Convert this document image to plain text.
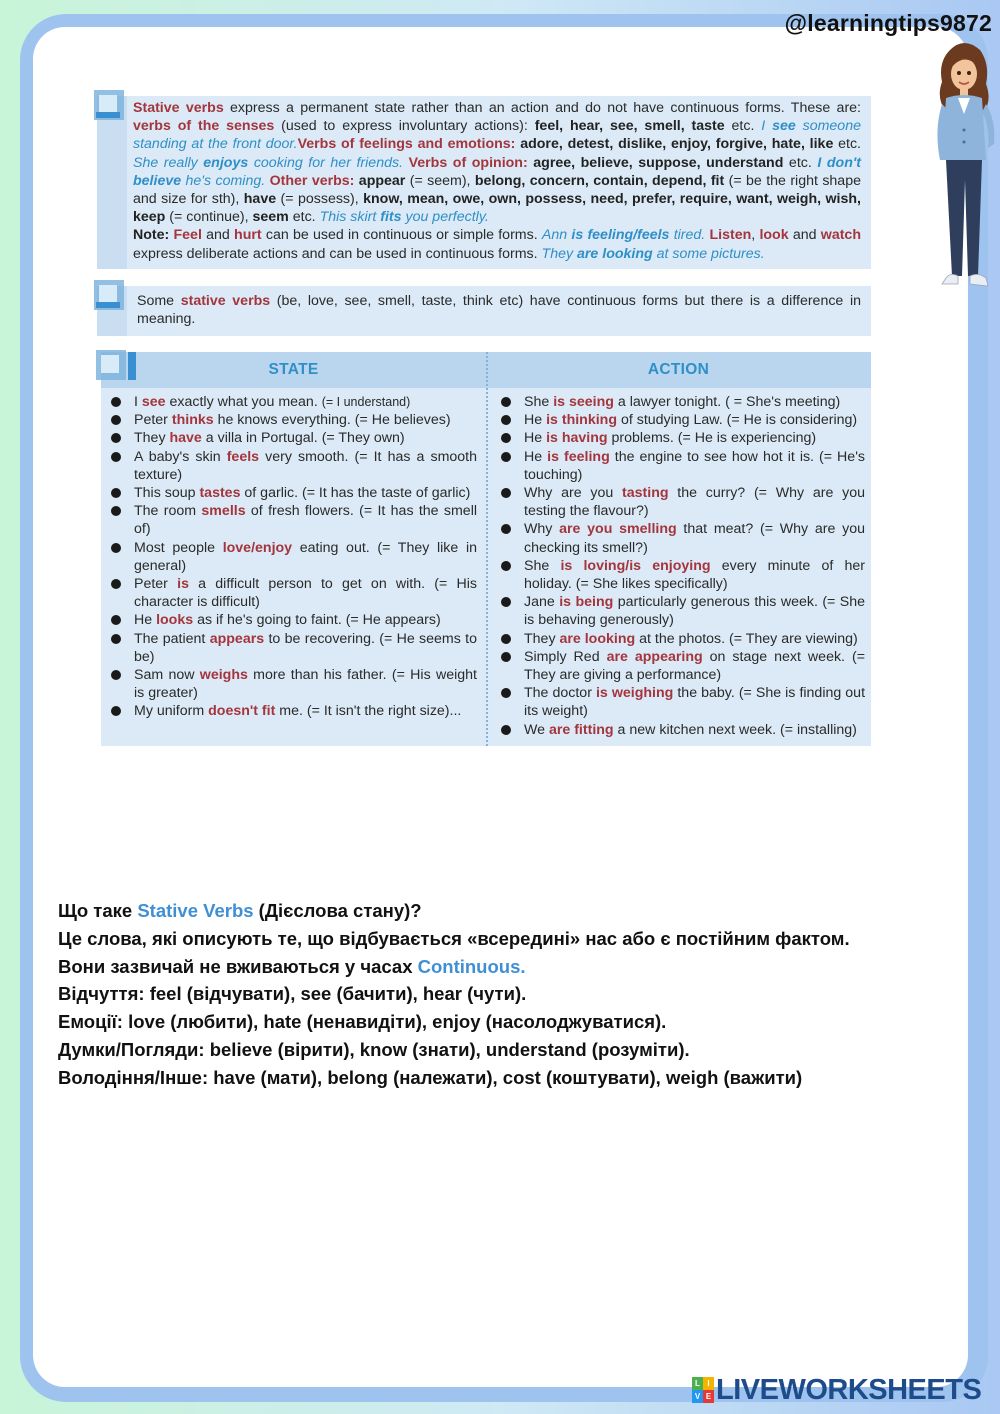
@learningtips9872

Stative verbs express a permanent state rather than an action and do not have continuous forms. These are: verbs of the senses (used to express involuntary actions): feel, hear, see, smell, taste etc. I see someone standing at the front door.Verbs of feelings and emotions: adore, detest, dislike, enjoy, forgive, hate, like etc. She really enjoys cooking for her friends. Verbs of opinion: agree, believe, suppose, understand etc. I don't believe he's coming. Other verbs: appear (= seem), belong, concern, contain, depend, fit (= be the right shape and size for sth), have (= possess), know, mean, owe, own, possess, need, prefer, require, want, weigh, wish, keep (= continue), seem etc. This skirt fits you perfectly.
Note: Feel and hurt can be used in continuous or simple forms. Ann is feeling/feels tired. Listen, look and watch express deliberate actions and can be used in continuous forms. They are looking at some pictures.

Some stative verbs (be, love, see, smell, taste, think etc) have continuous forms but there is a difference in meaning.

STATE	ACTION
I see exactly what you mean. (= I understand)
Peter thinks he knows everything. (= He believes)
They have a villa in Portugal. (= They own)
A baby's skin feels very smooth. (= It has a smooth texture)
This soup tastes of garlic. (= It has the taste of garlic)
The room smells of fresh flowers. (= It has the smell of)
Most people love/enjoy eating out. (= They like in general)
Peter is a difficult person to get on with. (= His character is difficult)
He looks as if he's going to faint. (= He appears)
The patient appears to be recovering. (= He seems to be)
Sam now weighs more than his father. (= His weight is greater)
My uniform doesn't fit me. (= It isn't the right size)...
She is seeing a lawyer tonight. ( = She's meeting)
He is thinking of studying Law. (= He is considering)
He is having problems. (= He is experiencing)
He is feeling the engine to see how hot it is. (= He's touching)
Why are you tasting the curry? (= Why are you testing the flavour?)
Why are you smelling that meat? (= Why are you checking its smell?)
She is loving/is enjoying every minute of her holiday. (= She likes specifically)
Jane is being particularly generous this week. (= She is behaving generously)
They are looking at the photos. (= They are viewing)
Simply Red are appearing on stage next week. (= They are giving a performance)
The doctor is weighing the baby. (= She is finding out its weight)
We are fitting a new kitchen next week. (= installing)
Що таке Stative Verbs (Дієслова стану)?
Це слова, які описують те, що відбувається «всередині» нас або є постійним фактом.
Вони зазвичай не вживаються у часах Continuous.
Відчуття: feel (відчувати), see (бачити), hear (чути).
Емоції: love (любити), hate (ненавидіти), enjoy (насолоджуватися).
Думки/Погляди: believe (вірити), know (знати), understand (розуміти).
Володіння/Інше: have (мати), belong (належати), cost (коштувати), weigh (важити)
L I
V E LIVEWORKSHEETS
